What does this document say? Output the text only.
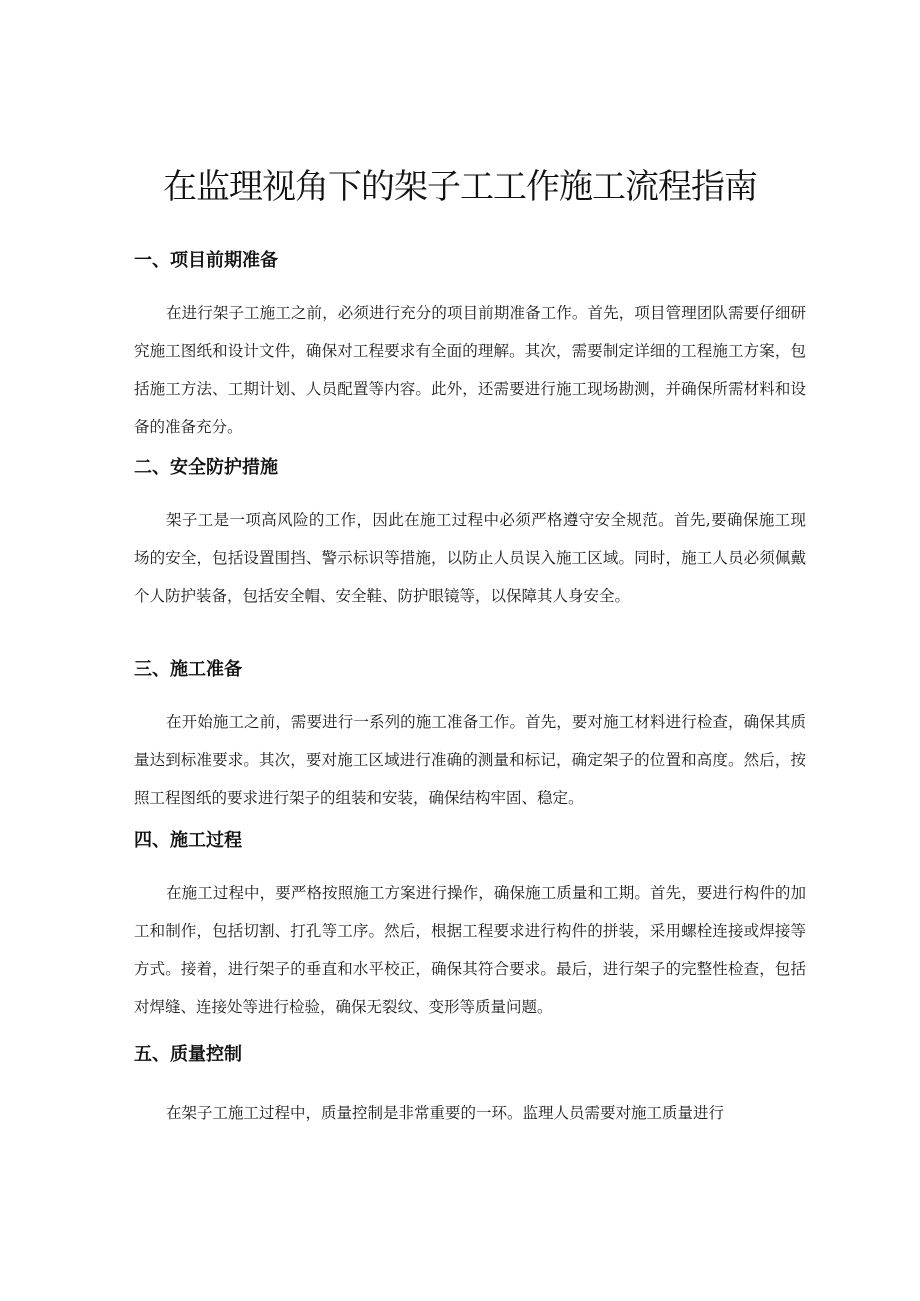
在监理视角下的架子工工作施工流程指南
一、项目前期准备

在进行架子工施工之前，必须进行充分的项目前期准备工作。首先，项目管理团队需要仔细研究施工图纸和设计文件，确保对工程要求有全面的理解。其次，需要制定详细的工程施工方案，包括施工方法、工期计划、人员配置等内容。此外，还需要进行施工现场勘测，并确保所需材料和设备的准备充分。

二、安全防护措施

架子工是一项高风险的工作，因此在施工过程中必须严格遵守安全规范。首先,要确保施工现场的安全，包括设置围挡、警示标识等措施，以防止人员误入施工区域。同时，施工人员必须佩戴个人防护装备，包括安全帽、安全鞋、防护眼镜等，以保障其人身安全。

三、施工准备

在开始施工之前，需要进行一系列的施工准备工作。首先，要对施工材料进行检查，确保其质量达到标准要求。其次，要对施工区域进行准确的测量和标记，确定架子的位置和高度。然后，按照工程图纸的要求进行架子的组装和安装，确保结构牢固、稳定。

四、施工过程

在施工过程中，要严格按照施工方案进行操作，确保施工质量和工期。首先，要进行构件的加工和制作，包括切割、打孔等工序。然后，根据工程要求进行构件的拼装，采用螺栓连接或焊接等方式。接着，进行架子的垂直和水平校正，确保其符合要求。最后，进行架子的完整性检查，包括对焊缝、连接处等进行检验，确保无裂纹、变形等质量问题。

五、质量控制

在架子工施工过程中，质量控制是非常重要的一环。监理人员需要对施工质量进行
